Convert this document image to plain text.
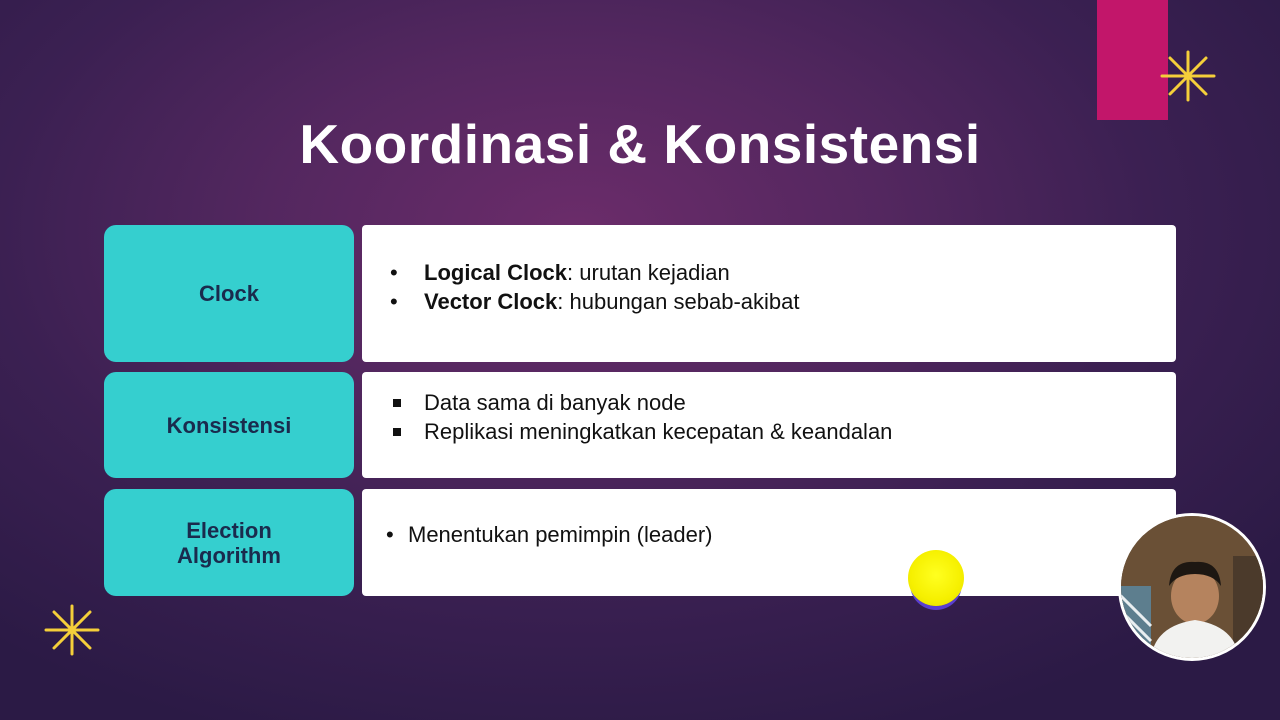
Koordinasi & Konsistensi
Clock
•
Logical Clock: urutan kejadian
•
Vector Clock: hubungan sebab-akibat
Konsistensi
Data sama di banyak node
Replikasi meningkatkan kecepatan & keandalan
Election
Algorithm
•
Menentukan pemimpin (leader)
